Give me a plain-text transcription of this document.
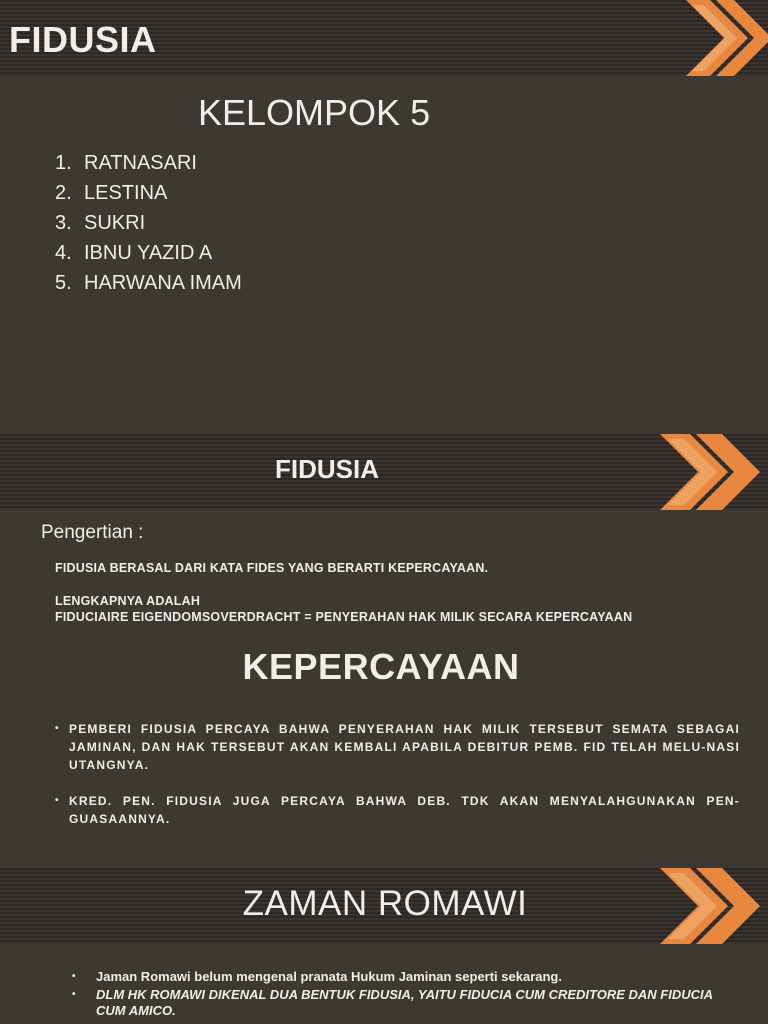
FIDUSIA
KELOMPOK 5
1. RATNASARI
2. LESTINA
3. SUKRI
4. IBNU YAZID A
5. HARWANA IMAM
FIDUSIA
Pengertian :
FIDUSIA BERASAL DARI KATA FIDES YANG BERARTI KEPERCAYAAN.
LENGKAPNYA ADALAH
FIDUCIAIRE EIGENDOMSOVERDRACHT = PENYERAHAN HAK MILIK SECARA KEPERCAYAAN
KEPERCAYAAN
• PEMBERI FIDUSIA PERCAYA BAHWA PENYERAHAN HAK MILIK TERSEBUT SEMATA SEBAGAI JAMINAN, DAN HAK TERSEBUT AKAN KEMBALI APABILA DEBITUR PEMB. FID TELAH MELU-NASI UTANGNYA.
• KRED. PEN. FIDUSIA JUGA PERCAYA BAHWA DEB. TDK AKAN MENYALAHGUNAKAN PEN-GUASAANNYA.
ZAMAN ROMAWI
•	Jaman Romawi belum mengenal pranata Hukum Jaminan seperti sekarang.
•	DLM HK ROMAWI DIKENAL DUA BENTUK FIDUSIA, YAITU FIDUCIA CUM CREDITORE DAN FIDUCIA CUM AMICO.
